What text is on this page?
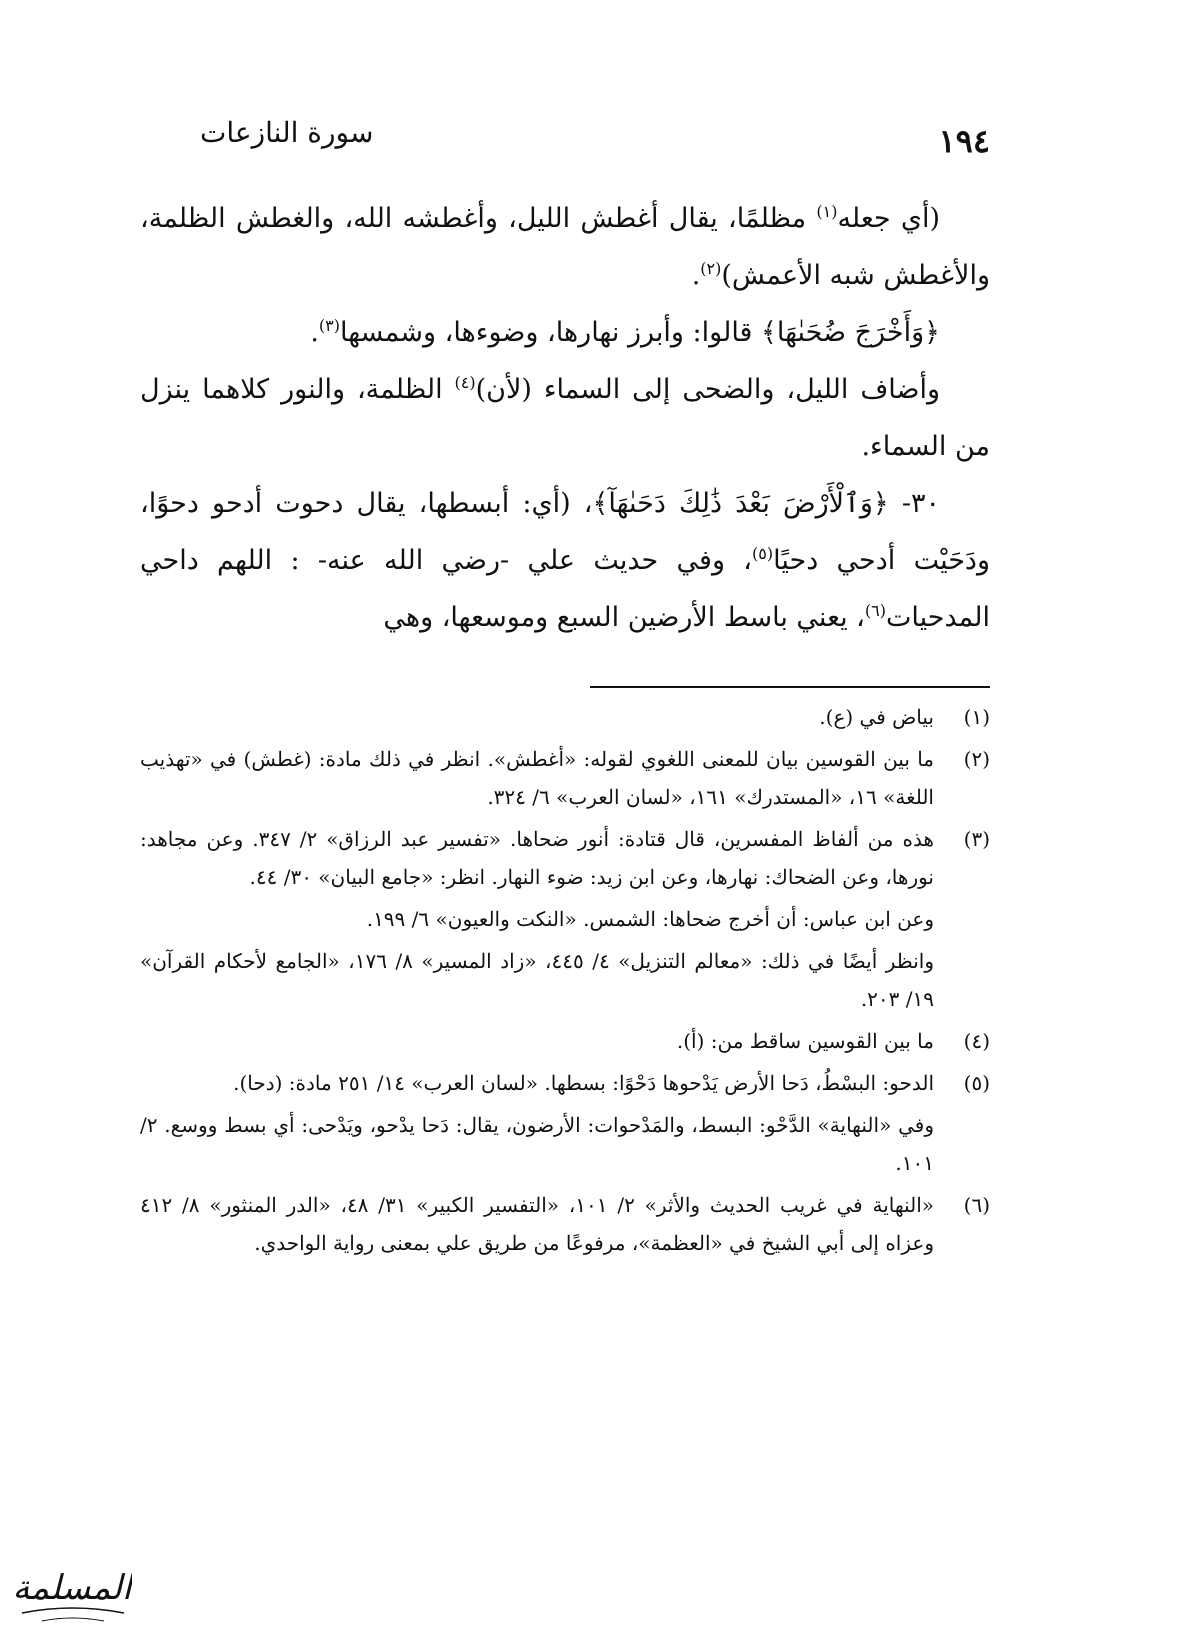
١٩٤
سورة النازعات

(أي جعله$^{(١)}$ مظلمًا، يقال أغطش الليل، وأغطشه الله، والغطش الظلمة، والأغطش شبه الأعمش)$^{(٢)}$.

﴿وَأَخْرَجَ ضُحَىٰهَا﴾ قالوا: وأبرز نهارها، وضوءها، وشمسها$^{(٣)}$.

وأضاف الليل، والضحى إلى السماء (لأن)$^{(٤)}$ الظلمة، والنور كلاهما ينزل من السماء.

٣٠- ﴿وَٱلْأَرْضَ بَعْدَ ذَٰلِكَ دَحَىٰهَآ﴾، (أي: أبسطها، يقال دحوت أدحو دحوًا، ودَحَيْت أدحي دحيًا$^{(٥)}$، وفي حديث علي -رضي الله عنه- : اللهم داحي المدحيات$^{(٦)}$، يعني باسط الأرضين السبع وموسعها، وهي

(١)

بياض في (ع).

(٢)

ما بين القوسين بيان للمعنى اللغوي لقوله: «أغطش». انظر في ذلك مادة: (غطش) في «تهذيب اللغة» ١٦، «المستدرك» ١٦١، «لسان العرب» ٦/ ٣٢٤.

(٣)

هذه من ألفاظ المفسرين، قال قتادة: أنور ضحاها. «تفسير عبد الرزاق» ٢/ ٣٤٧. وعن مجاهد: نورها، وعن الضحاك: نهارها، وعن ابن زيد: ضوء النهار. انظر: «جامع البيان» ٣٠/ ٤٤.

وعن ابن عباس: أن أخرج ضحاها: الشمس. «النكت والعيون» ٦/ ١٩٩.

وانظر أيضًا في ذلك: «معالم التنزيل» ٤/ ٤٤٥، «زاد المسير» ٨/ ١٧٦، «الجامع لأحكام القرآن» ١٩/ ٢٠٣.

(٤)

ما بين القوسين ساقط من: (أ).

(٥)

الدحو: البسْطُ، دَحا الأرض يَدْحوها دَحْوًا: بسطها. «لسان العرب» ١٤/ ٢٥١ مادة: (دحا).

وفي «النهاية» الدَّحْو: البسط، والمَدْحوات: الأرضون، يقال: دَحا يدْحو، ويَدْحى: أي بسط ووسع. ٢/ ١٠١.

(٦)

«النهاية في غريب الحديث والأثر» ٢/ ١٠١، «التفسير الكبير» ٣١/ ٤٨، «الدر المنثور» ٨/ ٤١٢ وعزاه إلى أبي الشيخ في «العظمة»، مرفوعًا من طريق علي بمعنى رواية الواحدي.

المسلمة
